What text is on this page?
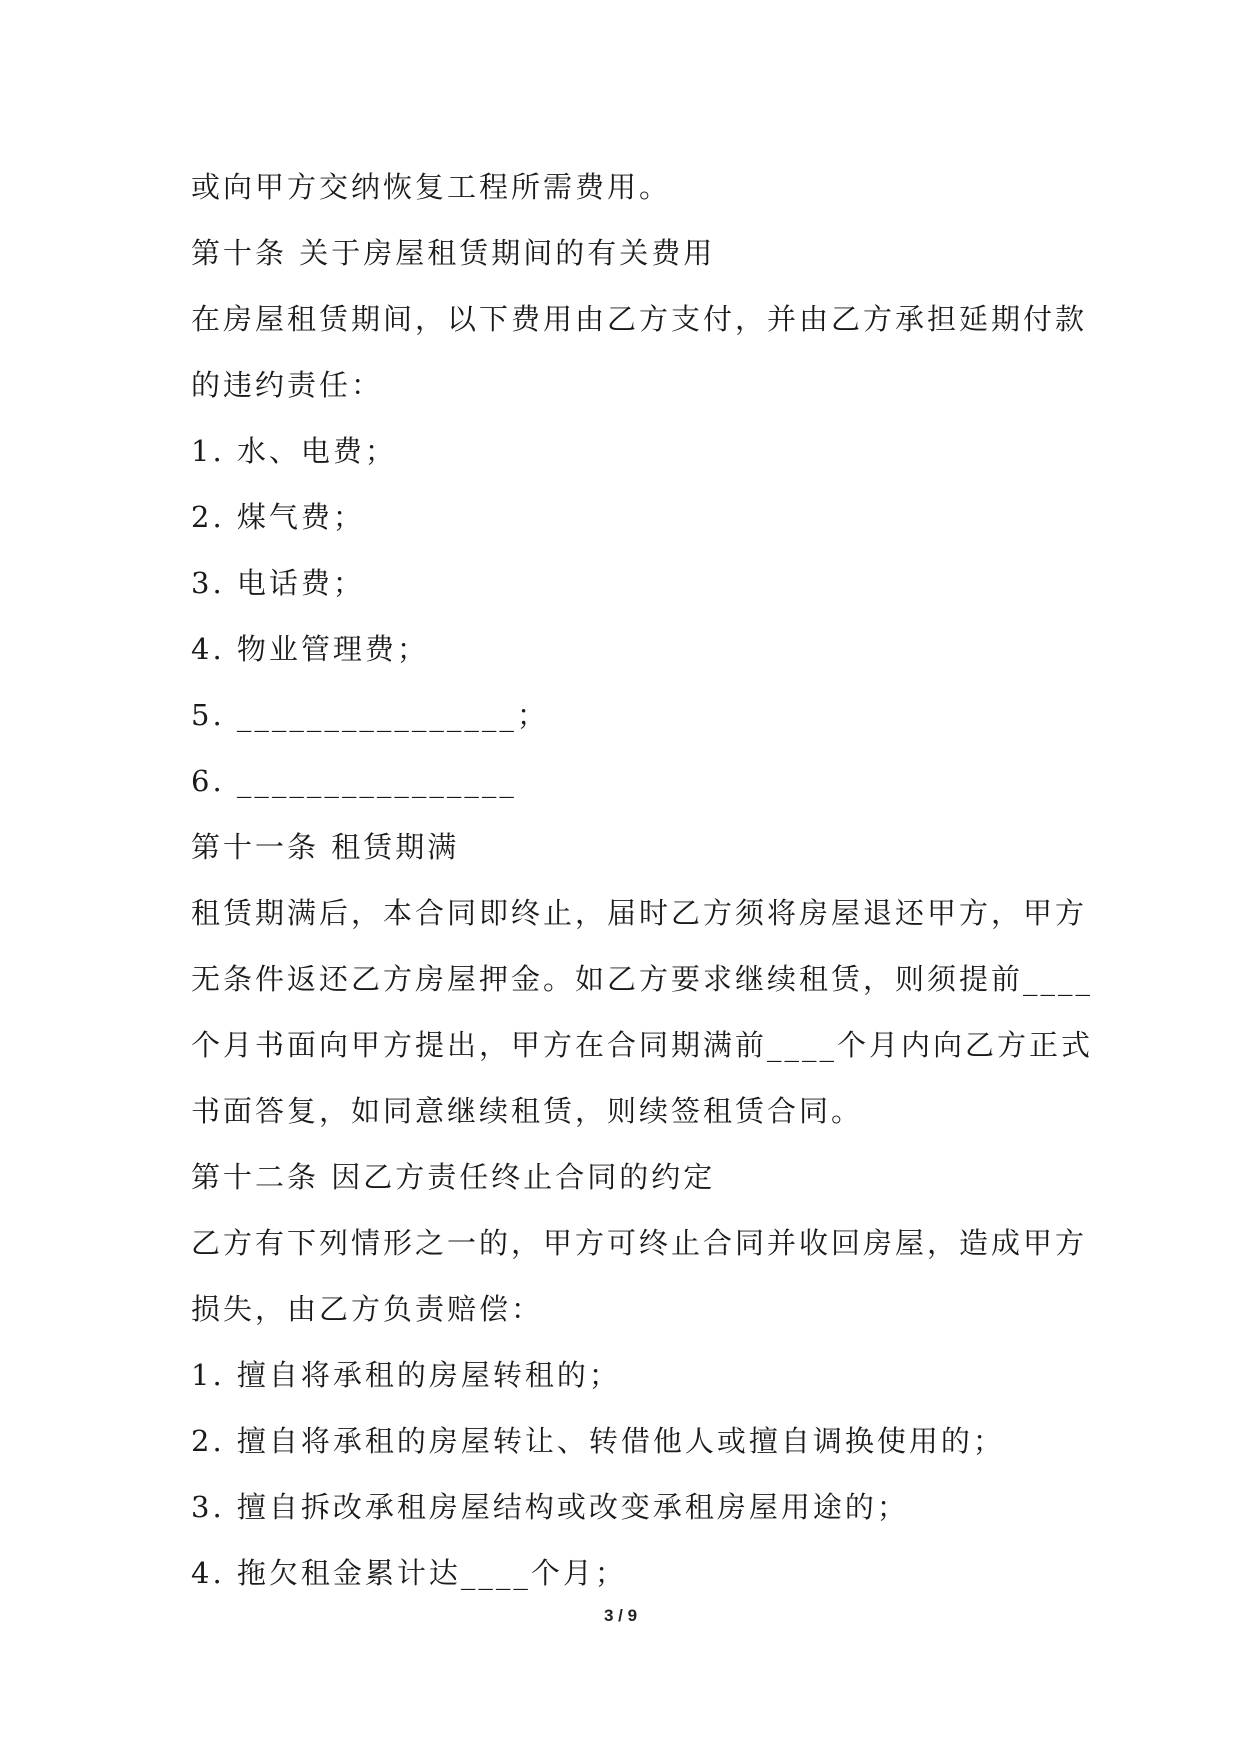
或向甲方交纳恢复工程所需费用。
第十条 关于房屋租赁期间的有关费用
在房屋租赁期间，以下费用由乙方支付，并由乙方承担延期付款
的违约责任：
1. 水、电费；
2. 煤气费；
3. 电话费；
4. 物业管理费；
5. ________________；
6. ________________
第十一条 租赁期满
租赁期满后，本合同即终止，届时乙方须将房屋退还甲方，甲方
无条件返还乙方房屋押金。如乙方要求继续租赁，则须提前____
个月书面向甲方提出，甲方在合同期满前____个月内向乙方正式
书面答复，如同意继续租赁，则续签租赁合同。
第十二条 因乙方责任终止合同的约定
乙方有下列情形之一的，甲方可终止合同并收回房屋，造成甲方
损失，由乙方负责赔偿：
1. 擅自将承租的房屋转租的；
2. 擅自将承租的房屋转让、转借他人或擅自调换使用的；
3. 擅自拆改承租房屋结构或改变承租房屋用途的；
4. 拖欠租金累计达____个月；
3 / 9
